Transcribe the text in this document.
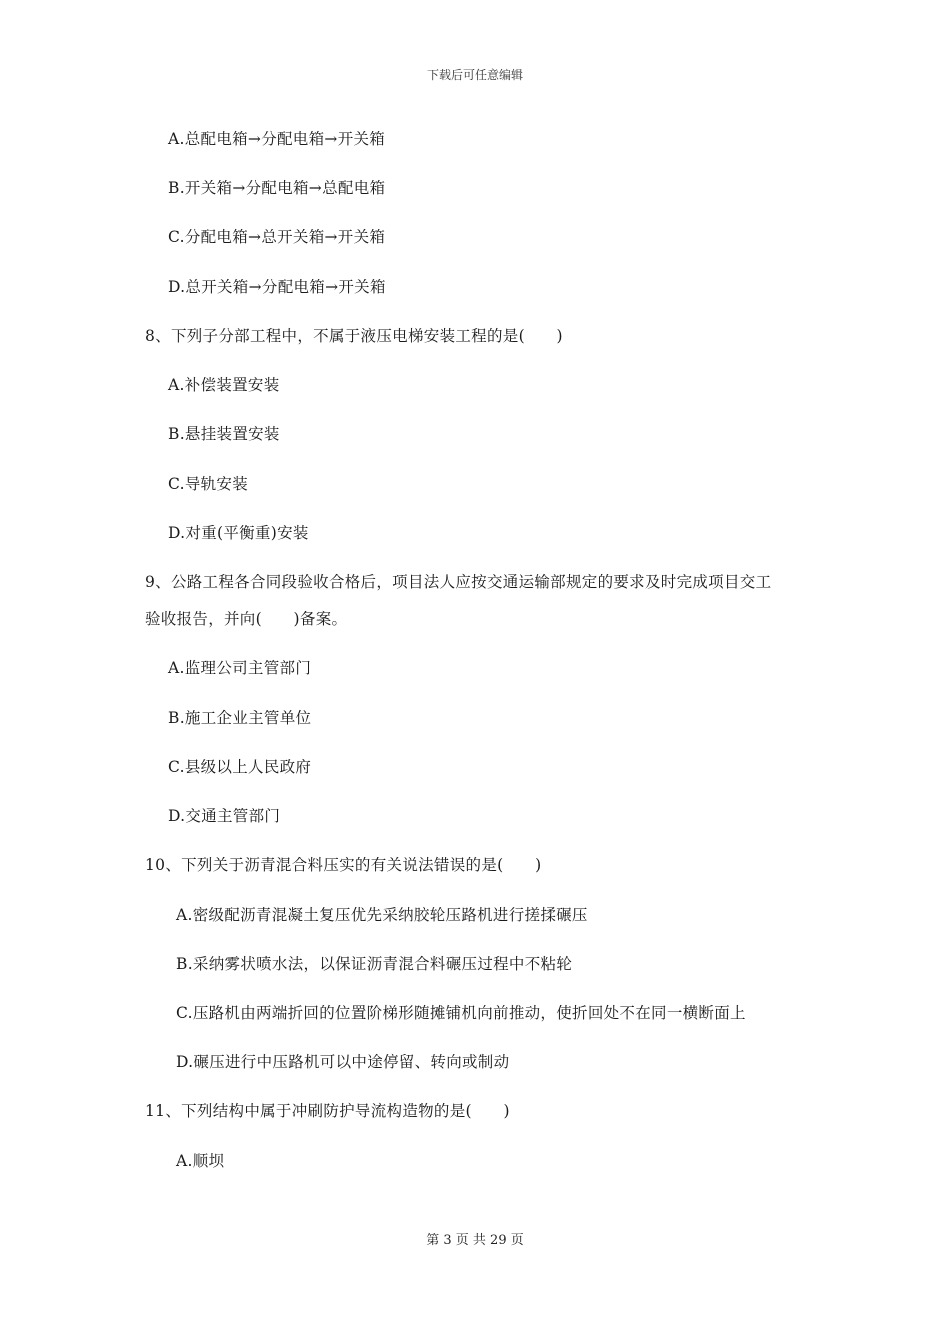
下载后可任意编辑
A.总配电箱→分配电箱→开关箱
B.开关箱→分配电箱→总配电箱
C.分配电箱→总开关箱→开关箱
D.总开关箱→分配电箱→开关箱
8、下列子分部工程中，不属于液压电梯安装工程的是(　　)
A.补偿装置安装
B.悬挂装置安装
C.导轨安装
D.对重(平衡重)安装
9、公路工程各合同段验收合格后，项目法人应按交通运输部规定的要求及时完成项目交工
验收报告，并向(　　)备案。
A.监理公司主管部门
B.施工企业主管单位
C.县级以上人民政府
D.交通主管部门
10、下列关于沥青混合料压实的有关说法错误的是(　　)
A.密级配沥青混凝土复压优先采纳胶轮压路机进行搓揉碾压
B.采纳雾状喷水法，以保证沥青混合料碾压过程中不粘轮
C.压路机由两端折回的位置阶梯形随摊铺机向前推动，使折回处不在同一横断面上
D.碾压进行中压路机可以中途停留、转向或制动
11、下列结构中属于冲刷防护导流构造物的是(　　)
A.顺坝
第 3 页 共 29 页
